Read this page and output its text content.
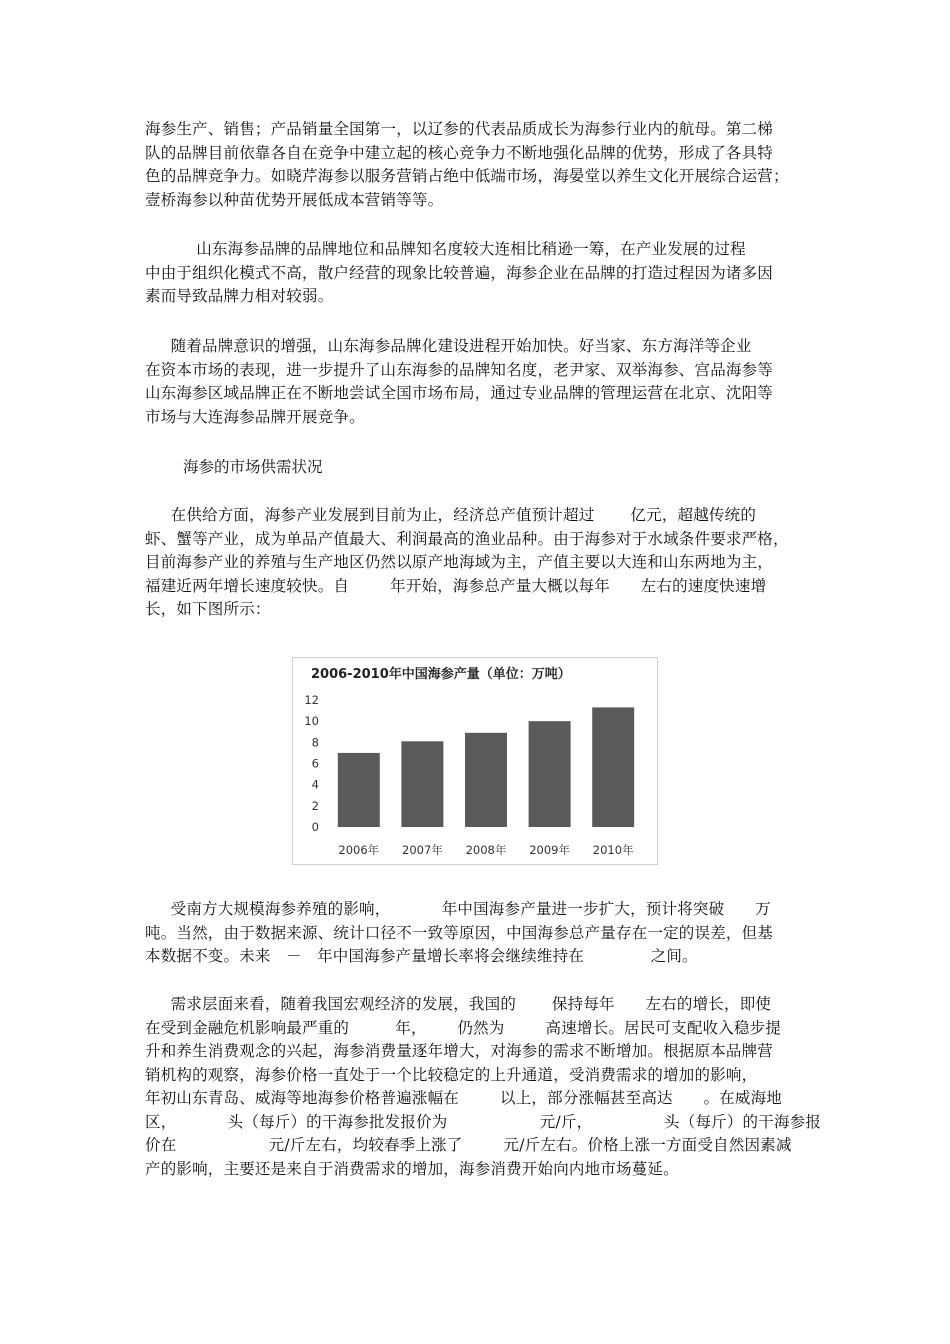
海参生产、销售；产品销量全国第一，以辽参的代表品质成长为海参行业内的航母。第二梯
队的品牌目前依靠各自在竞争中建立起的核心竞争力不断地强化品牌的优势，形成了各具特
色的品牌竞争力。如晓芹海参以服务营销占绝中低端市场，海晏堂以养生文化开展综合运营；
壹桥海参以种苗优势开展低成本营销等等。
山东海参品牌的品牌地位和品牌知名度较大连相比稍逊一筹，在产业发展的过程
中由于组织化模式不高，散户经营的现象比较普遍，海参企业在品牌的打造过程因为诸多因
素而导致品牌力相对较弱。
随着品牌意识的增强，山东海参品牌化建设进程开始加快。好当家、东方海洋等企业
在资本市场的表现，进一步提升了山东海参的品牌知名度，老尹家、双举海参、宫品海参等
山东海参区域品牌正在不断地尝试全国市场布局，通过专业品牌的管理运营在北京、沈阳等
市场与大连海参品牌开展竞争。
海参的市场供需状况
在供给方面，海参产业发展到目前为止，经济总产值预计超过       亿元，超越传统的
虾、蟹等产业，成为单品产值最大、利润最高的渔业品种。由于海参对于水域条件要求严格，
目前海参产业的养殖与生产地区仍然以原产地海域为主，产值主要以大连和山东两地为主，
福建近两年增长速度较快。自        年开始，海参总产量大概以每年      左右的速度快速增
长，如下图所示：
2006-2010年中国海参产量（单位：万吨）
0
2
4
6
8
10
12
2006年 2007年 2008年 2009年 2010年
受南方大规模海参养殖的影响，          年中国海参产量进一步扩大，预计将突破      万
吨。当然，由于数据来源、统计口径不一致等原因，中国海参总产量存在一定的误差，但基
本数据不变。未来   －   年中国海参产量增长率将会继续维持在             之间。
需求层面来看，随着我国宏观经济的发展，我国的       保持每年      左右的增长，即使
在受到金融危机影响最严重的         年，      仍然为        高速增长。居民可支配收入稳步提
升和养生消费观念的兴起，海参消费量逐年增大，对海参的需求不断增加。根据原本品牌营
销机构的观察，海参价格一直处于一个比较稳定的上升通道，受消费需求的增加的影响，
年初山东青岛、威海等地海参价格普遍涨幅在        以上，部分涨幅甚至高达      。在威海地
区，          头（每斤）的干海参批发报价为                  元/斤，              头（每斤）的干海参报
价在                  元/斤左右，均较春季上涨了        元/斤左右。价格上涨一方面受自然因素减
产的影响，主要还是来自于消费需求的增加，海参消费开始向内地市场蔓延。
